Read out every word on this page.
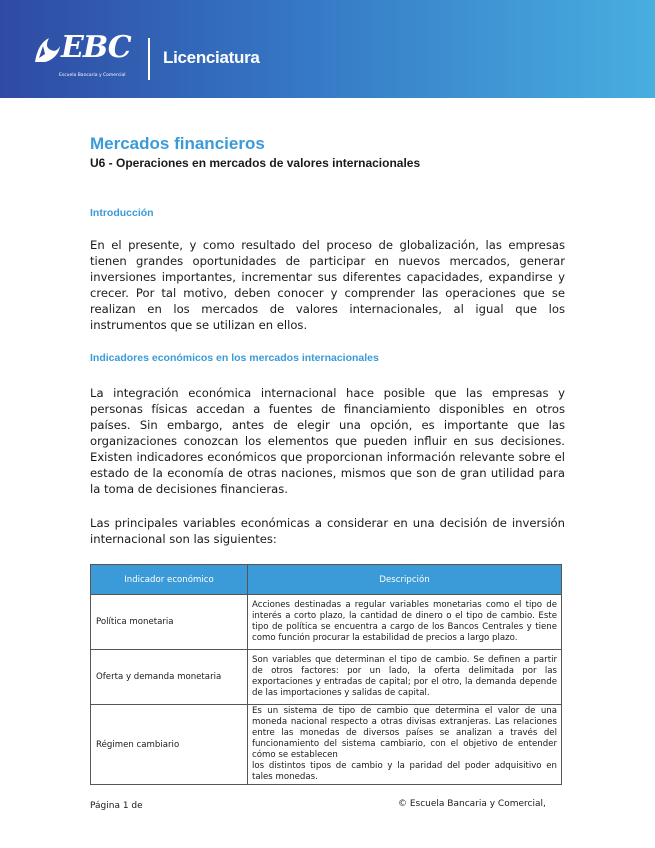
EBC
Escuela Bancaria y Comercial
Licenciatura
Mercados financieros
U6 - Operaciones en mercados de valores internacionales
Introducción

En el presente, y como resultado del proceso de globalización, las empresas tienen grandes oportunidades de participar en nuevos mercados, generar inversiones importantes, incrementar sus diferentes capacidades, expandirse y crecer. Por tal motivo, deben conocer y comprender las operaciones que se realizan en los mercados de valores internacionales, al igual que los instrumentos que se utilizan en ellos.

Indicadores económicos en los mercados internacionales

La integración económica internacional hace posible que las empresas y personas físicas accedan a fuentes de financiamiento disponibles en otros países. Sin embargo, antes de elegir una opción, es importante que las organizaciones conozcan los elementos que pueden influir en sus decisiones. Existen indicadores económicos que proporcionan información relevante sobre el estado de la economía de otras naciones, mismos que son de gran utilidad para la toma de decisiones financieras.

Las principales variables económicas a considerar en una decisión de inversión internacional son las siguientes:

Indicador económico	Descripción
Política monetaria	Acciones destinadas a regular variables monetarias como el tipo de interés a corto plazo, la cantidad de dinero o el tipo de cambio. Este tipo de política se encuentra a cargo de los Bancos Centrales y tiene como función procurar la estabilidad de precios a largo plazo.
Oferta y demanda monetaria	Son variables que determinan el tipo de cambio. Se definen a partir de otros factores: por un lado, la oferta delimitada por las exportaciones y entradas de capital; por el otro, la demanda depende de las importaciones y salidas de capital.
Régimen cambiario	Es un sistema de tipo de cambio que determina el valor de una moneda nacional respecto a otras divisas extranjeras. Las relaciones entre las monedas de diversos países se analizan a través del funcionamiento del sistema cambiario, con el objetivo de entender cómo se establecen
los distintos tipos de cambio y la paridad del poder adquisitivo en tales monedas.
Página 1 de	© Escuela Bancaria y Comercial,
